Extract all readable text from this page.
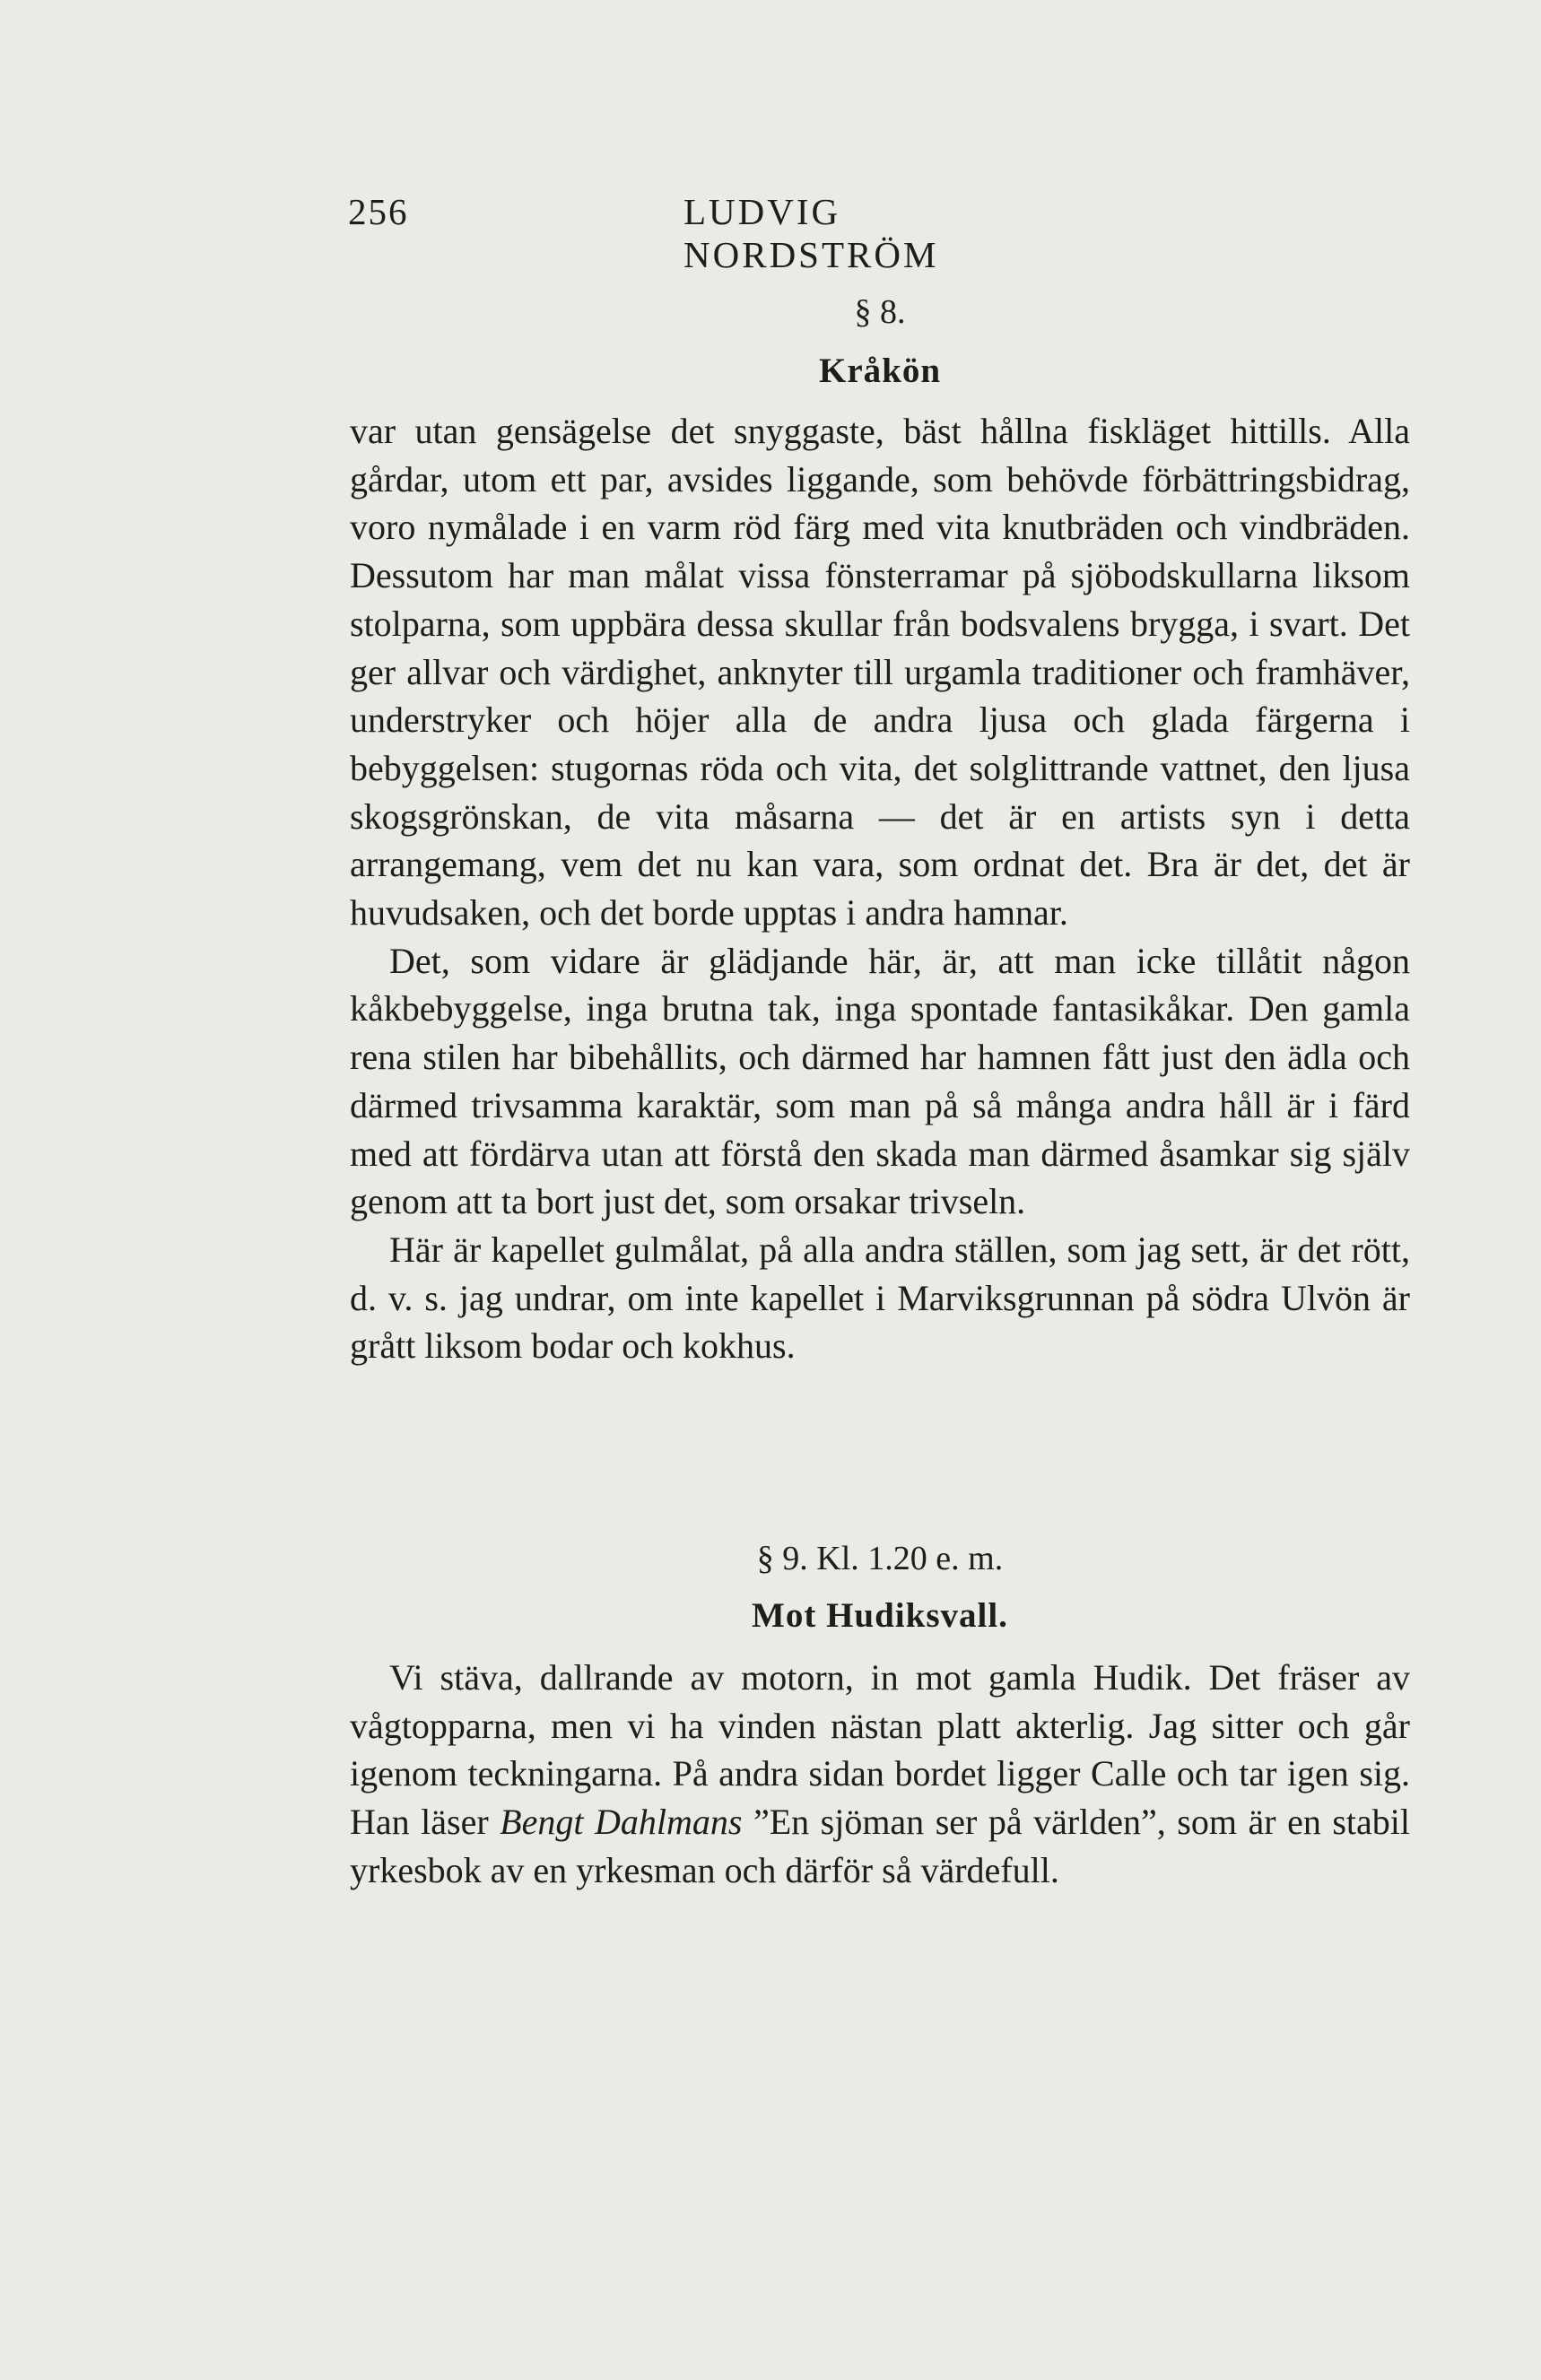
256	LUDVIG NORDSTRÖM
§ 8.
Kråkön

var utan gensägelse det snyggaste, bäst hållna fiskläget hittills. Alla gårdar, utom ett par, avsides liggande, som behövde förbättringsbidrag, voro nymålade i en varm röd färg med vita knutbräden och vindbräden. Dessutom har man målat vissa fönsterramar på sjöbodskullarna liksom stolparna, som uppbära dessa skullar från bodsvalens brygga, i svart. Det ger allvar och värdighet, anknyter till urgamla traditioner och framhäver, understryker och höjer alla de andra ljusa och glada färgerna i bebyggelsen: stugornas röda och vita, det solglittrande vattnet, den ljusa skogsgrönskan, de vita måsarna — det är en artists syn i detta arrangemang, vem det nu kan vara, som ordnat det. Bra är det, det är huvudsaken, och det borde upptas i andra hamnar.

Det, som vidare är glädjande här, är, att man icke tillåtit någon kåkbebyggelse, inga brutna tak, inga spontade fantasikåkar. Den gamla rena stilen har bibehållits, och därmed har hamnen fått just den ädla och därmed trivsamma karaktär, som man på så många andra håll är i färd med att fördärva utan att förstå den skada man därmed åsamkar sig själv genom att ta bort just det, som orsakar trivseln.

Här är kapellet gulmålat, på alla andra ställen, som jag sett, är det rött, d. v. s. jag undrar, om inte kapellet i Marviksgrunnan på södra Ulvön är grått liksom bodar och kokhus.

§ 9. Kl. 1.20 e. m.
Mot Hudiksvall.

Vi stäva, dallrande av motorn, in mot gamla Hudik. Det fräser av vågtopparna, men vi ha vinden nästan platt akterlig. Jag sitter och går igenom teckningarna. På andra sidan bordet ligger Calle och tar igen sig. Han läser Bengt Dahlmans ”En sjöman ser på världen”, som är en stabil yrkesbok av en yrkesman och därför så värdefull.
